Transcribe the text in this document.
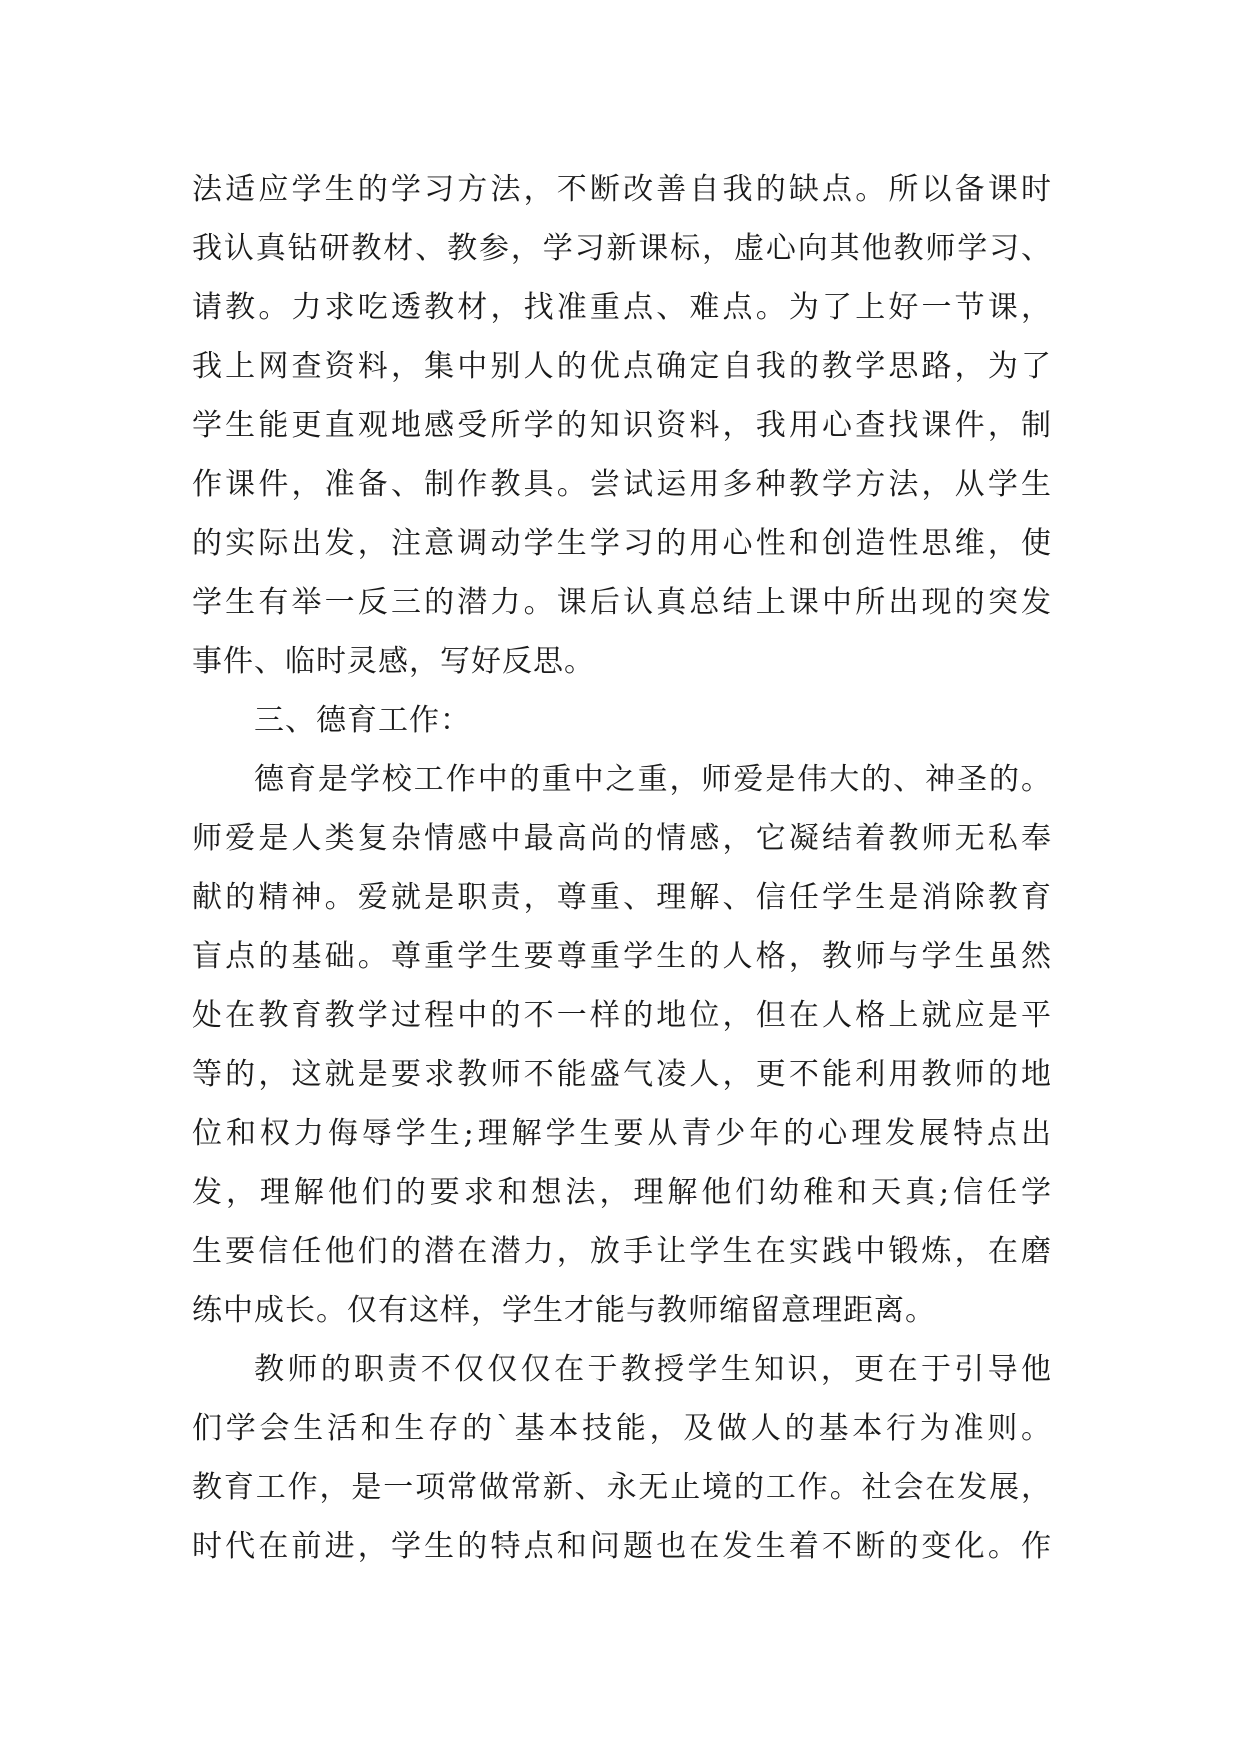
法适应学生的学习方法，不断改善自我的缺点。所以备课时
我认真钻研教材、教参，学习新课标，虚心向其他教师学习、
请教。力求吃透教材，找准重点、难点。为了上好一节课，
我上网查资料，集中别人的优点确定自我的教学思路，为了
学生能更直观地感受所学的知识资料，我用心查找课件，制
作课件，准备、制作教具。尝试运用多种教学方法，从学生
的实际出发，注意调动学生学习的用心性和创造性思维，使
学生有举一反三的潜力。课后认真总结上课中所出现的突发
事件、临时灵感，写好反思。
三、德育工作：
德育是学校工作中的重中之重，师爱是伟大的、神圣的。
师爱是人类复杂情感中最高尚的情感，它凝结着教师无私奉
献的精神。爱就是职责，尊重、理解、信任学生是消除教育
盲点的基础。尊重学生要尊重学生的人格，教师与学生虽然
处在教育教学过程中的不一样的地位，但在人格上就应是平
等的，这就是要求教师不能盛气凌人，更不能利用教师的地
位和权力侮辱学生;理解学生要从青少年的心理发展特点出
发，理解他们的要求和想法，理解他们幼稚和天真;信任学
生要信任他们的潜在潜力，放手让学生在实践中锻炼，在磨
练中成长。仅有这样，学生才能与教师缩留意理距离。
教师的职责不仅仅仅在于教授学生知识，更在于引导他
们学会生活和生存的`基本技能，及做人的基本行为准则。
教育工作，是一项常做常新、永无止境的工作。社会在发展，
时代在前进，学生的特点和问题也在发生着不断的变化。作
